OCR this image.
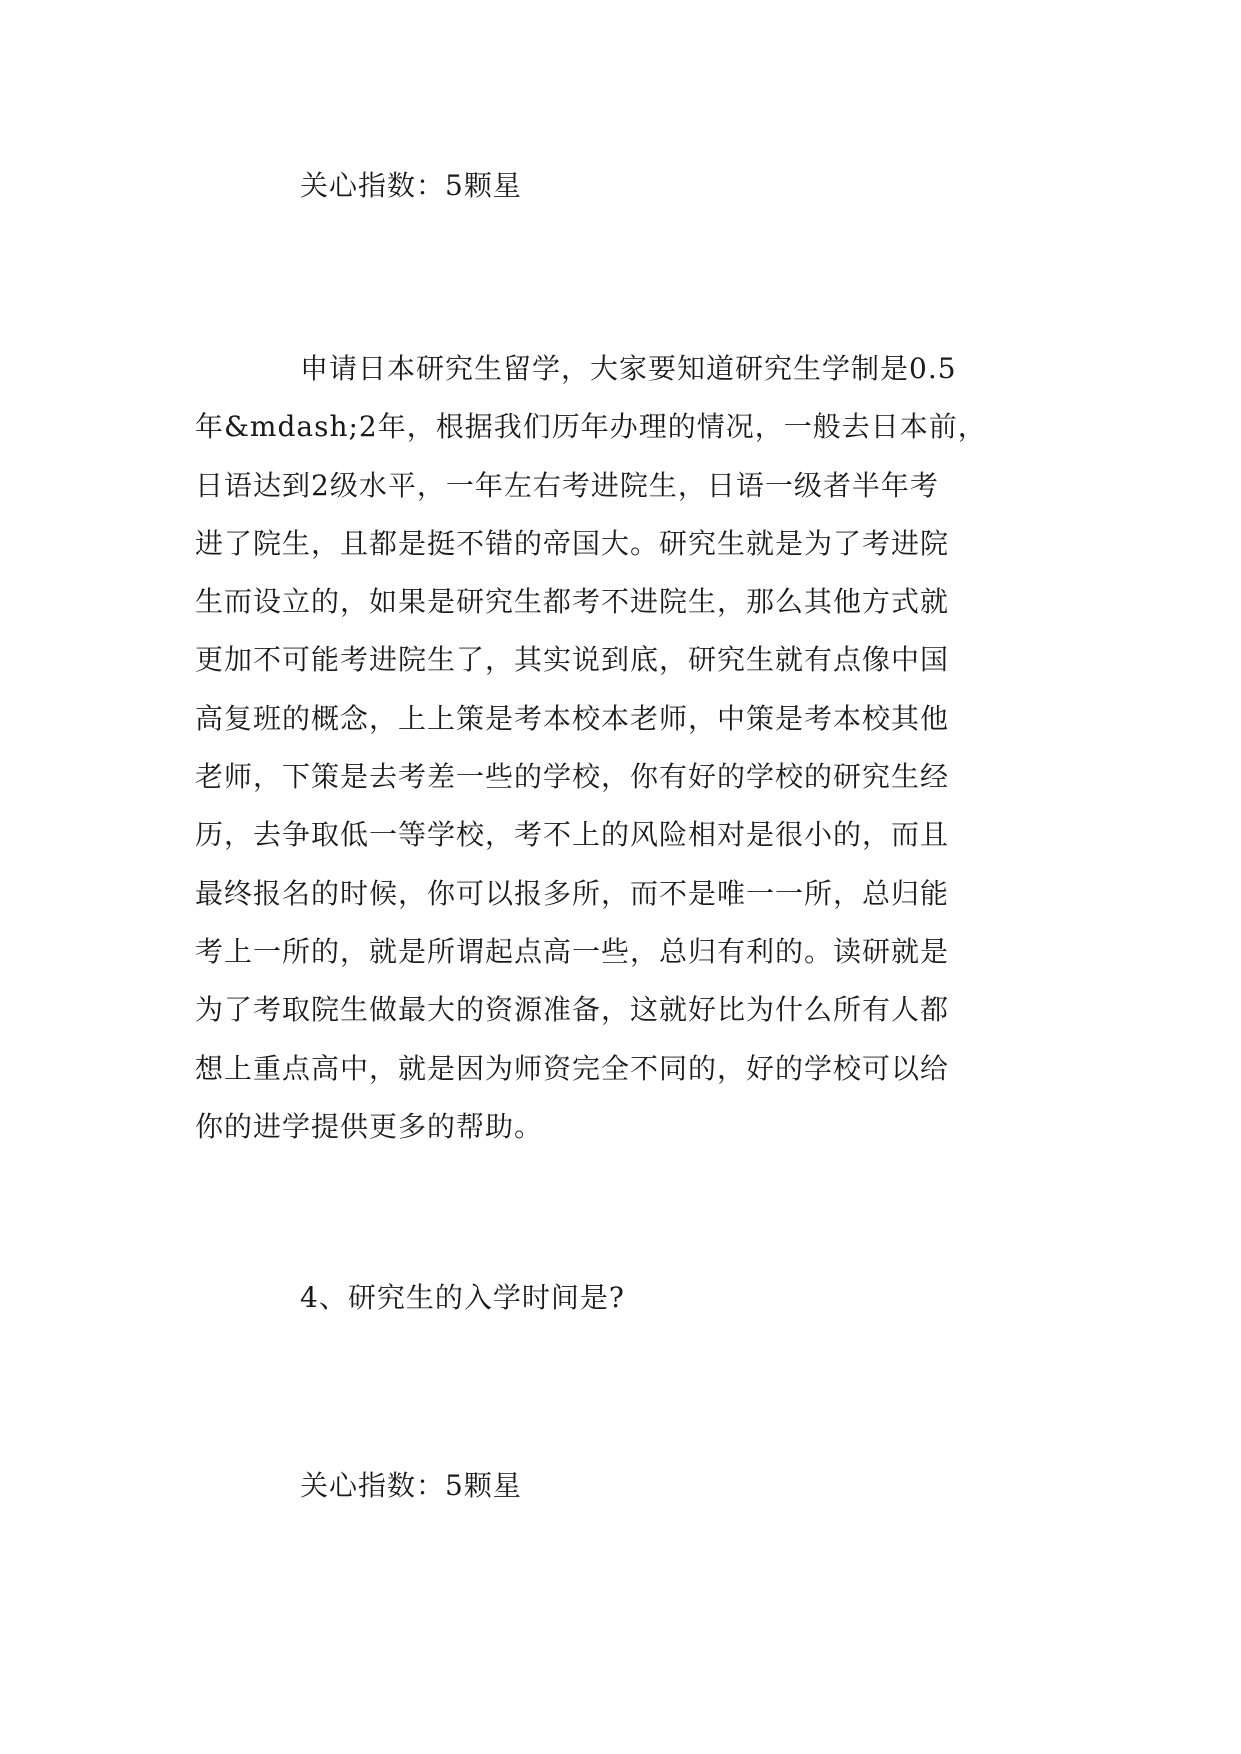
关心指数：5颗星

申请日本研究生留学，大家要知道研究生学制是0.5
年&mdash;2年，根据我们历年办理的情况，一般去日本前，
日语达到2级水平，一年左右考进院生，日语一级者半年考
进了院生，且都是挺不错的帝国大。研究生就是为了考进院
生而设立的，如果是研究生都考不进院生，那么其他方式就
更加不可能考进院生了，其实说到底，研究生就有点像中国
高复班的概念，上上策是考本校本老师，中策是考本校其他
老师，下策是去考差一些的学校，你有好的学校的研究生经
历，去争取低一等学校，考不上的风险相对是很小的，而且
最终报名的时候，你可以报多所，而不是唯一一所，总归能
考上一所的，就是所谓起点高一些，总归有利的。读研就是
为了考取院生做最大的资源准备，这就好比为什么所有人都
想上重点高中，就是因为师资完全不同的，好的学校可以给
你的进学提供更多的帮助。

4、研究生的入学时间是?

关心指数：5颗星
